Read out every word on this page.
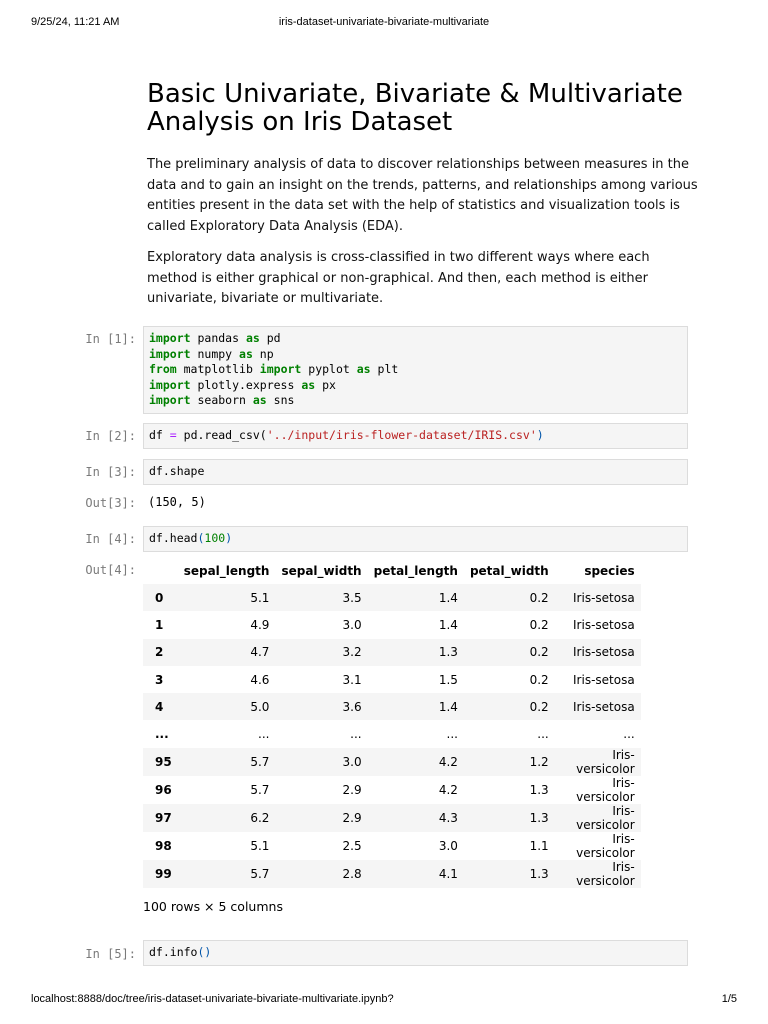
9/25/24, 11:21 AM	iris-dataset-univariate-bivariate-multivariate
Basic Univariate, Bivariate & Multivariate Analysis on Iris Dataset

The preliminary analysis of data to discover relationships between measures in the data and to gain an insight on the trends, patterns, and relationships among various entities present in the data set with the help of statistics and visualization tools is called Exploratory Data Analysis (EDA).

Exploratory data analysis is cross-classified in two different ways where each method is either graphical or non-graphical. And then, each method is either univariate, bivariate or multivariate.

In [1]:	import pandas as pd
import numpy as np
from matplotlib import pyplot as plt
import plotly.express as px
import seaborn as sns
In [2]:	df = pd.read_csv('../input/iris-flower-dataset/IRIS.csv')
In [3]:	df.shape
Out[3]: (150, 5)
In [4]:	df.head(100)
Out[4]:
		sepal_length	sepal_width	petal_length	petal_width	species
0	5.1	3.5	1.4	0.2	Iris-setosa
1	4.9	3.0	1.4	0.2	Iris-setosa
2	4.7	3.2	1.3	0.2	Iris-setosa
3	4.6	3.1	1.5	0.2	Iris-setosa
4	5.0	3.6	1.4	0.2	Iris-setosa
...	...	...	...	...	...
95	5.7	3.0	4.2	1.2	Iris-versicolor
96	5.7	2.9	4.2	1.3	Iris-versicolor
97	6.2	2.9	4.3	1.3	Iris-versicolor
98	5.1	2.5	3.0	1.1	Iris-versicolor
99	5.7	2.8	4.1	1.3	Iris-versicolor
100 rows × 5 columns
In [5]:	df.info()
localhost:8888/doc/tree/iris-dataset-univariate-bivariate-multivariate.ipynb?	1/5
